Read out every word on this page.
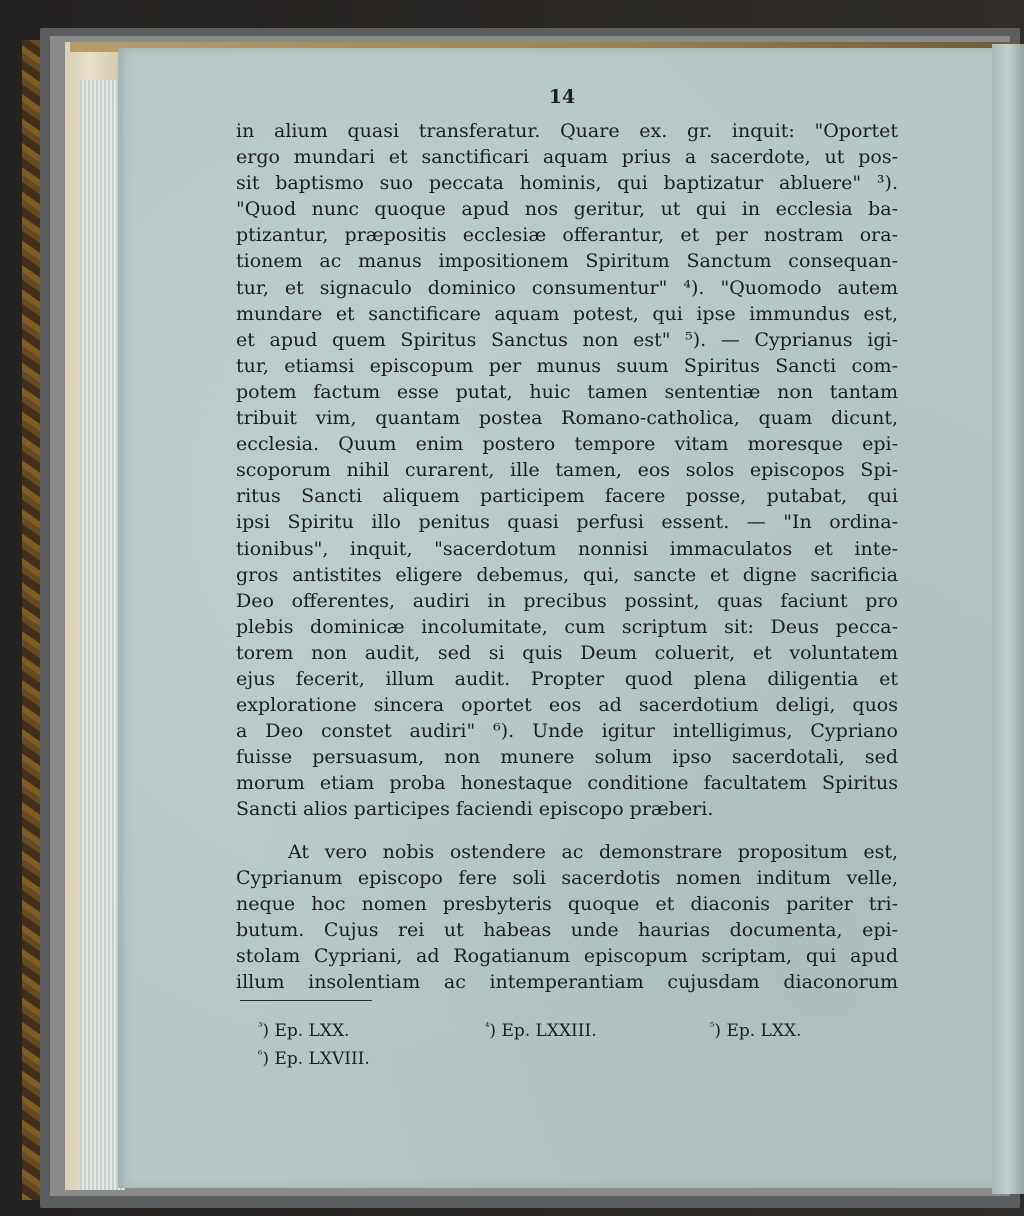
14

in alium quasi transferatur. Quare ex. gr. inquit: "Oportet
ergo mundari et sanctificari aquam prius a sacerdote, ut pos-
sit baptismo suo peccata hominis, qui baptizatur abluere" ³).
"Quod nunc quoque apud nos geritur, ut qui in ecclesia ba-
ptizantur, præpositis ecclesiæ offerantur, et per nostram ora-
tionem ac manus impositionem Spiritum Sanctum consequan-
tur, et signaculo dominico consumentur" ⁴). "Quomodo autem
mundare et sanctificare aquam potest, qui ipse immundus est,
et apud quem Spiritus Sanctus non est" ⁵). — Cyprianus igi-
tur, etiamsi episcopum per munus suum Spiritus Sancti com-
potem factum esse putat, huic tamen sententiæ non tantam
tribuit vim, quantam postea Romano-catholica, quam dicunt,
ecclesia. Quum enim postero tempore vitam moresque epi-
scoporum nihil curarent, ille tamen, eos solos episcopos Spi-
ritus Sancti aliquem participem facere posse, putabat, qui
ipsi Spiritu illo penitus quasi perfusi essent. — "In ordina-
tionibus", inquit, "sacerdotum nonnisi immaculatos et inte-
gros antistites eligere debemus, qui, sancte et digne sacrificia
Deo offerentes, audiri in precibus possint, quas faciunt pro
plebis dominicæ incolumitate, cum scriptum sit: Deus pecca-
torem non audit, sed si quis Deum coluerit, et voluntatem
ejus fecerit, illum audit. Propter quod plena diligentia et
exploratione sincera oportet eos ad sacerdotium deligi, quos
a Deo constet audiri" ⁶). Unde igitur intelligimus, Cypriano
fuisse persuasum, non munere solum ipso sacerdotali, sed
morum etiam proba honestaque conditione facultatem Spiritus
Sancti alios participes faciendi episcopo præberi.
At vero nobis ostendere ac demonstrare propositum est,
Cyprianum episcopo fere soli sacerdotis nomen inditum velle,
neque hoc nomen presbyteris quoque et diaconis pariter tri-
butum. Cujus rei ut habeas unde haurias documenta, epi-
stolam Cypriani, ad Rogatianum episcopum scriptam, qui apud
illum insolentiam ac intemperantiam cujusdam diaconorum
$^{^3}$) Ep. LXX.	$^{^4}$) Ep. LXXIII.	$^{^5}$) Ep. LXX.
$^{^6}$) Ep. LXVIII.
